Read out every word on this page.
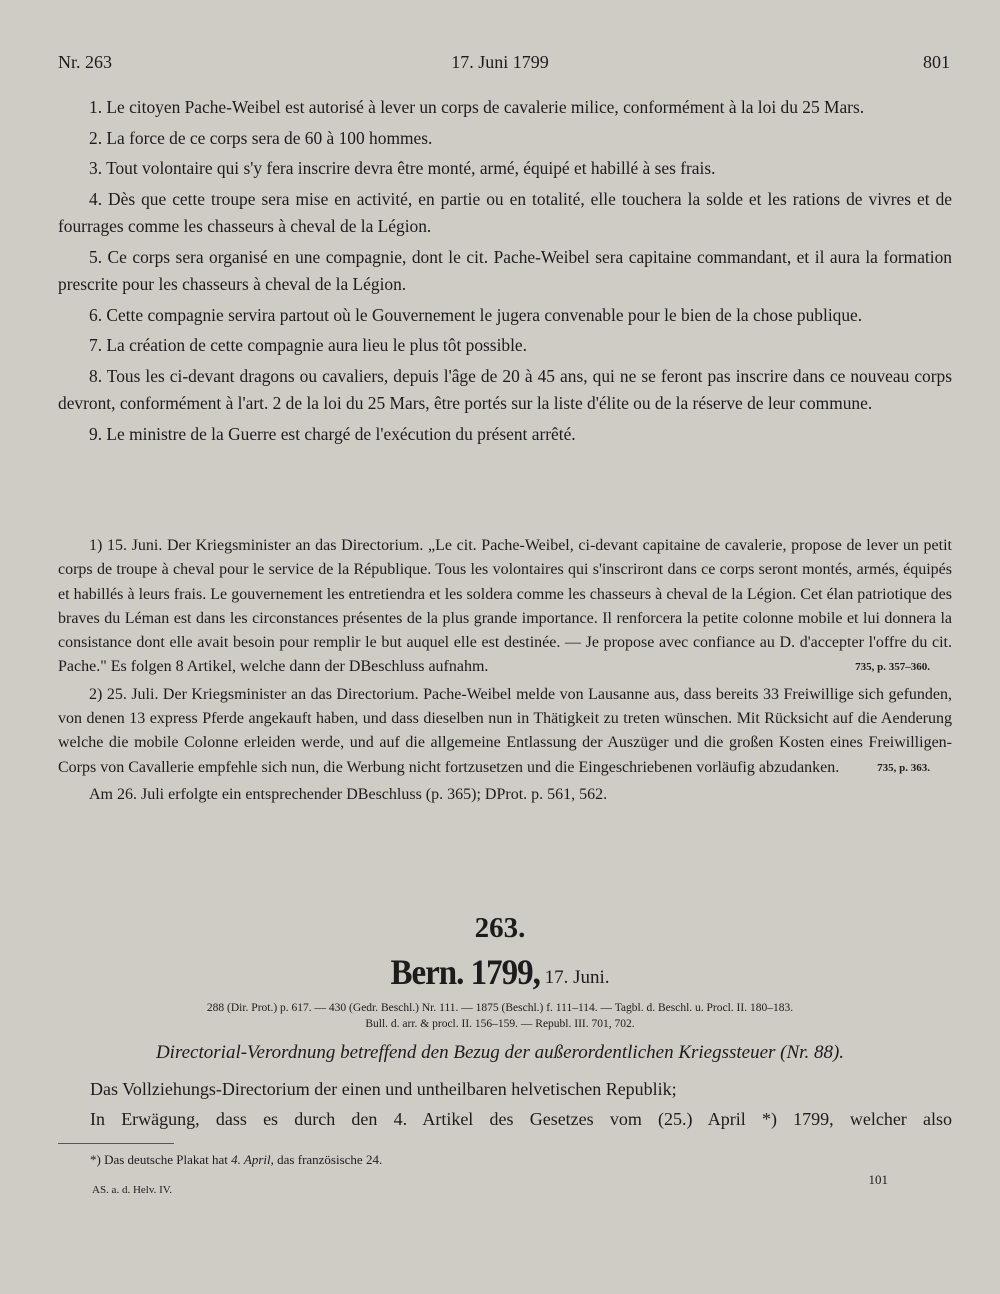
Nr. 263	17. Juni 1799	801

1. Le citoyen Pache-Weibel est autorisé à lever un corps de cavalerie milice, conformément à la loi du 25 Mars.

2. La force de ce corps sera de 60 à 100 hommes.

3. Tout volontaire qui s'y fera inscrire devra être monté, armé, équipé et habillé à ses frais.

4. Dès que cette troupe sera mise en activité, en partie ou en totalité, elle touchera la solde et les rations de vivres et de fourrages comme les chasseurs à cheval de la Légion.

5. Ce corps sera organisé en une compagnie, dont le cit. Pache-Weibel sera capitaine commandant, et il aura la formation prescrite pour les chasseurs à cheval de la Légion.

6. Cette compagnie servira partout où le Gouvernement le jugera convenable pour le bien de la chose publique.

7. La création de cette compagnie aura lieu le plus tôt possible.

8. Tous les ci-devant dragons ou cavaliers, depuis l'âge de 20 à 45 ans, qui ne se feront pas inscrire dans ce nouveau corps devront, conformément à l'art. 2 de la loi du 25 Mars, être portés sur la liste d'élite ou de la réserve de leur commune.

9. Le ministre de la Guerre est chargé de l'exécution du présent arrêté.

1) 15. Juni. Der Kriegsminister an das Directorium. „Le cit. Pache-Weibel, ci-devant capitaine de cavalerie, propose de lever un petit corps de troupe à cheval pour le service de la République. Tous les volontaires qui s'inscriront dans ce corps seront montés, armés, équipés et habillés à leurs frais. Le gouvernement les entretiendra et les soldera comme les chasseurs à cheval de la Légion. Cet élan patriotique des braves du Léman est dans les circonstances présentes de la plus grande importance. Il renforcera la petite colonne mobile et lui donnera la consistance dont elle avait besoin pour remplir le but auquel elle est destinée. — Je propose avec confiance au D. d'accepter l'offre du cit. Pache." Es folgen 8 Artikel, welche dann der DBeschluss aufnahm.	735, p. 357–360.

2) 25. Juli. Der Kriegsminister an das Directorium. Pache-Weibel melde von Lausanne aus, dass bereits 33 Freiwillige sich gefunden, von denen 13 express Pferde angekauft haben, und dass dieselben nun in Thätigkeit zu treten wünschen. Mit Rücksicht auf die Aenderung welche die mobile Colonne erleiden werde, und auf die allgemeine Entlassung der Auszüger und die großen Kosten eines Freiwilligen-Corps von Cavallerie empfehle sich nun, die Werbung nicht fortzusetzen und die Eingeschriebenen vorläufig abzudanken.	735, p. 363.

Am 26. Juli erfolgte ein entsprechender DBeschluss (p. 365); DProt. p. 561, 562.

263.
Bern. 1799, 17. Juni.
288 (Dir. Prot.) p. 617. — 430 (Gedr. Beschl.) Nr. 111. — 1875 (Beschl.) f. 111–114. — Tagbl. d. Beschl. u. Procl. II. 180–183.
Bull. d. arr. & procl. II. 156–159. — Republ. III. 701, 702.
Directorial-Verordnung betreffend den Bezug der außerordentlichen Kriegssteuer (Nr. 88).
Das Vollziehungs-Directorium der einen und untheilbaren helvetischen Republik;
In Erwägung, dass es durch den 4. Artikel des Gesetzes vom (25.) April *) 1799, welcher also
*) Das deutsche Plakat hat 4. April, das französische 24.
101
AS. a. d. Helv. IV.
